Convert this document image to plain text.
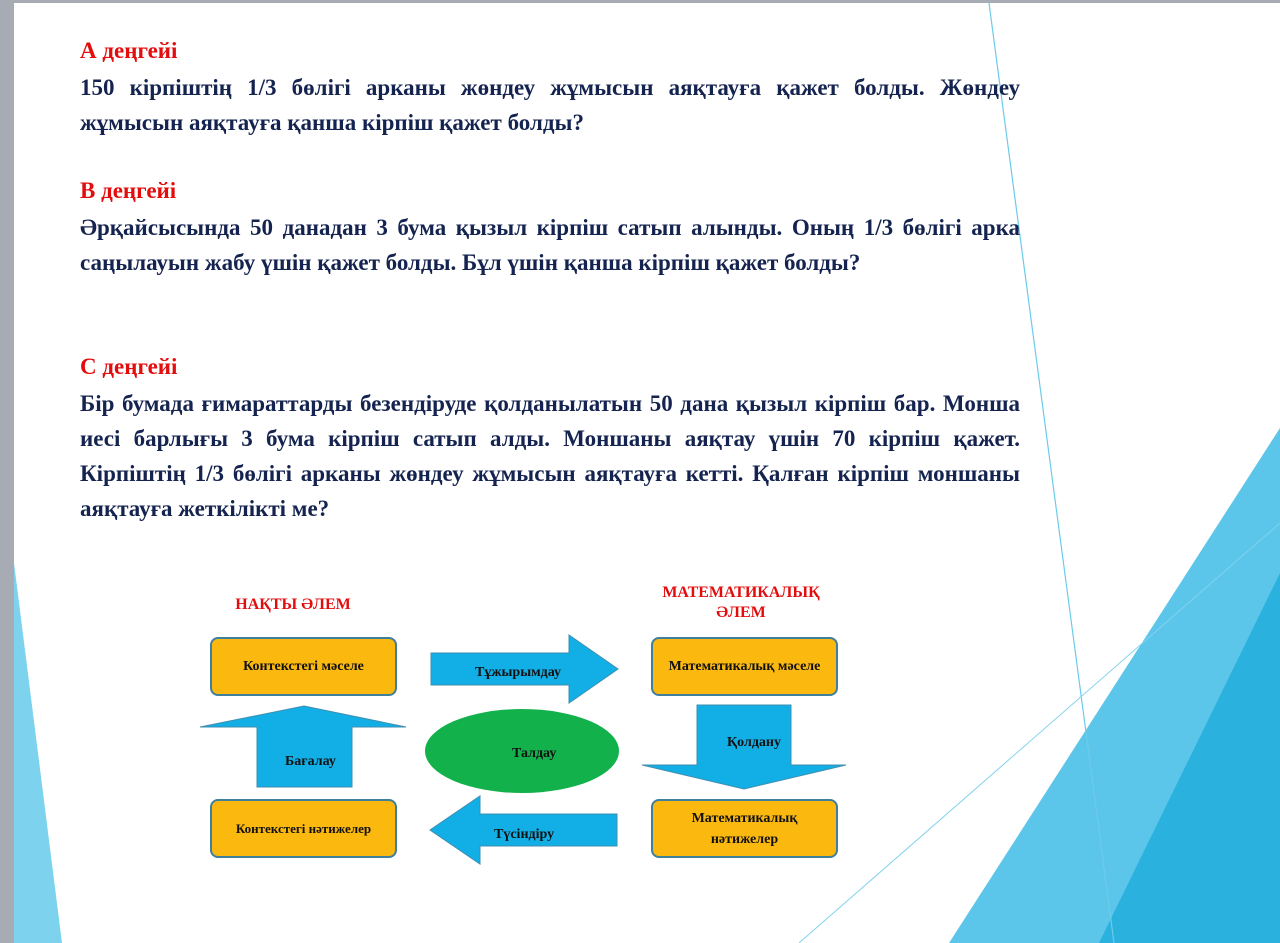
А деңгейі

150 кірпіштің 1/3 бөлігі арканы жөндеу жұмысын аяқтауға қажет болды. Жөндеу жұмысын аяқтауға қанша кірпіш қажет болды?

В деңгейі

Әрқайсысында 50 данадан 3 бума қызыл кірпіш сатып алынды. Оның 1/3 бөлігі арка саңылауын жабу үшін қажет болды. Бұл үшін қанша кірпіш қажет болды?

С деңгейі

Бір бумада ғимараттарды безендіруде қолданылатын 50 дана қызыл кірпіш бар. Монша иесі барлығы 3 бума кірпіш сатып алды. Моншаны аяқтау үшін 70 кірпіш қажет. Кірпіштің 1/3 бөлігі арканы жөндеу жұмысын аяқтауға кетті. Қалған кірпіш моншаны аяқтауға жеткілікті ме?

НАҚТЫ ӘЛЕМ

МАТЕМАТИКАЛЫҚ ӘЛЕМ

Контекстегі мәселе	Математикалық мәселе
Контекстегі нәтижелер
Математикалық нәтижелер

Тұжырымдау

Қолдану

Бағалау

Түсіндіру

Талдау
